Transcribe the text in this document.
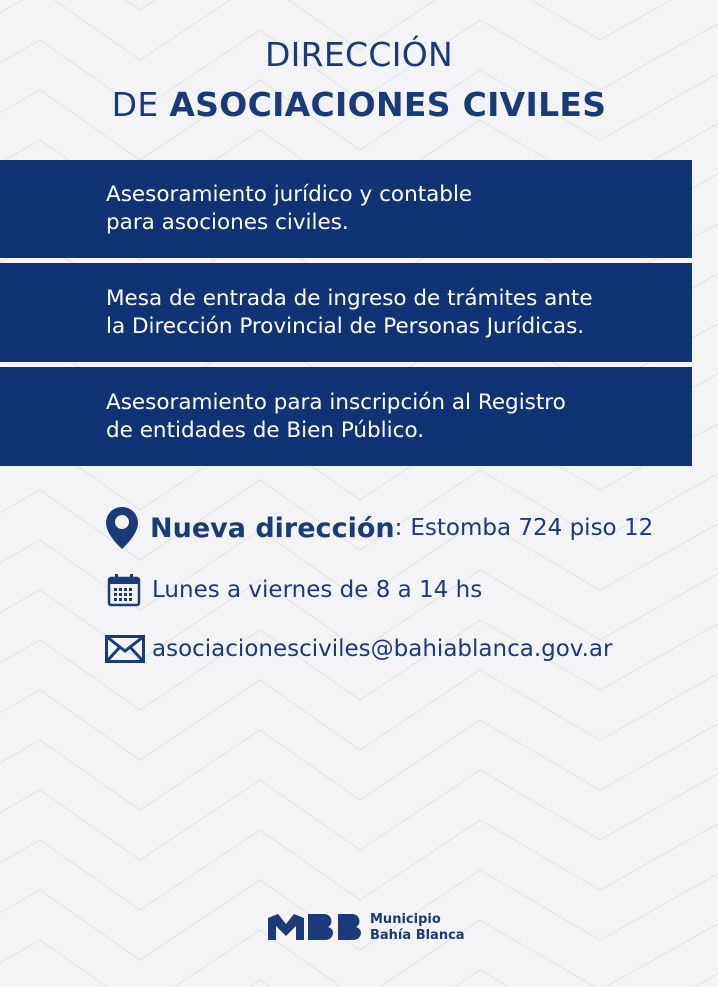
DIRECCIÓN
DE ASOCIACIONES CIVILES

Asesoramiento jurídico y contable

para asociones civiles.

Mesa de entrada de ingreso de trámites ante

la Dirección Provincial de Personas Jurídicas.

Asesoramiento para inscripción al Registro

de entidades de Bien Público.

Nueva dirección : Estomba 724 piso 12
Lunes a viernes de 8 a 14 hs
asociacionesciviles@bahiablanca.gov.ar
Municipio
Bahía Blanca
